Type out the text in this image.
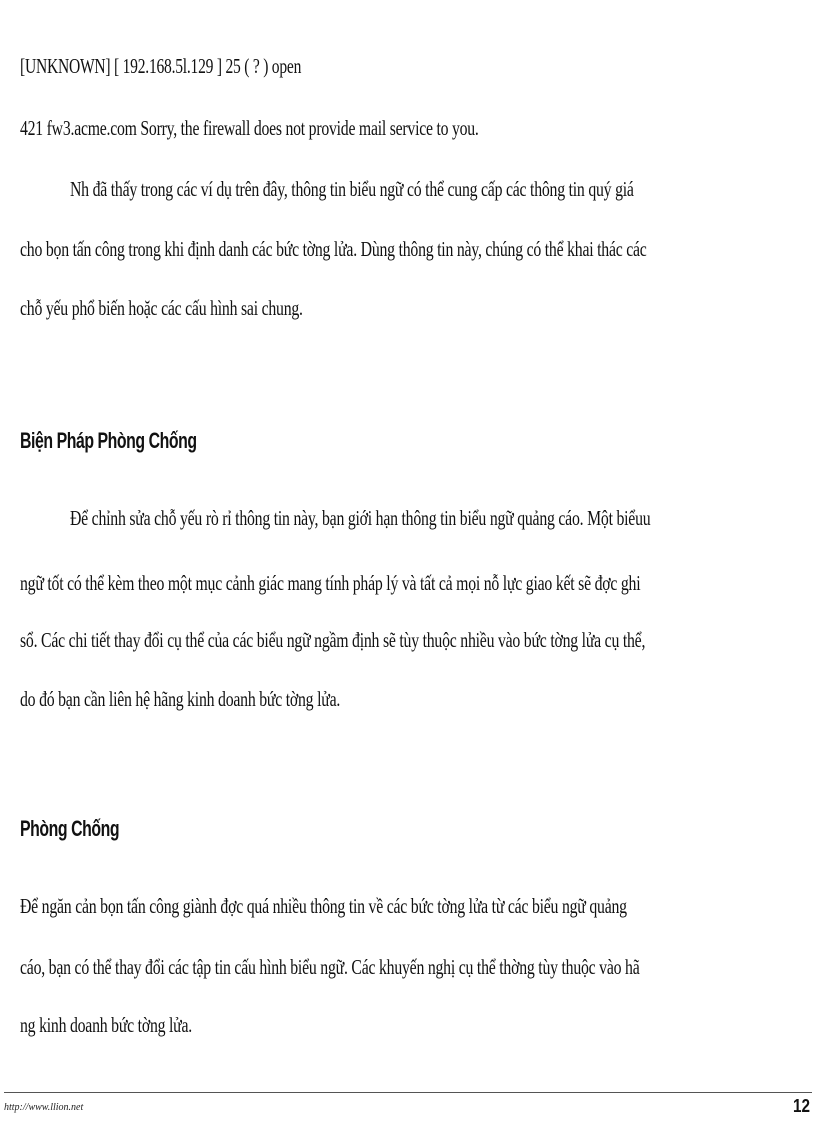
[UNKNOWN] [ 192.168.5l.129 ] 25 ( ? ) open
421 fw3.acme.com Sorry, the firewall does not provide mail service to you.
Nh đã thấy trong các ví dụ trên đây, thông tin biểu ngữ có thể cung cấp các thông tin quý giá
cho bọn tấn công trong khi định danh các bức tờng lửa. Dùng thông tin này, chúng có thể khai thác các
chỗ yếu phổ biến hoặc các cấu hình sai chung.
Biện Pháp Phòng Chống
Để chỉnh sửa chỗ yếu rò rỉ thông tin này, bạn giới hạn thông tin biểu ngữ quảng cáo. Một biểuu
ngữ tốt có thể kèm theo một mục cảnh giác mang tính pháp lý và tất cả mọi nỗ lực giao kết sẽ đợc ghi
sổ. Các chi tiết thay đổi cụ thể của các biểu ngữ ngầm định sẽ tùy thuộc nhiều vào bức tờng lửa cụ thể,
do đó bạn cần liên hệ hãng kinh doanh bức tờng lửa.
Phòng Chống
Để ngăn cản bọn tấn công giành đợc quá nhiều thông tin về các bức tờng lửa từ các biểu ngữ quảng
cáo, bạn có thể thay đổi các tập tin cấu hình biểu ngữ. Các khuyến nghị cụ thể thờng tùy thuộc vào hã
ng kinh doanh bức tờng lửa.
http://www.llion.net	12
